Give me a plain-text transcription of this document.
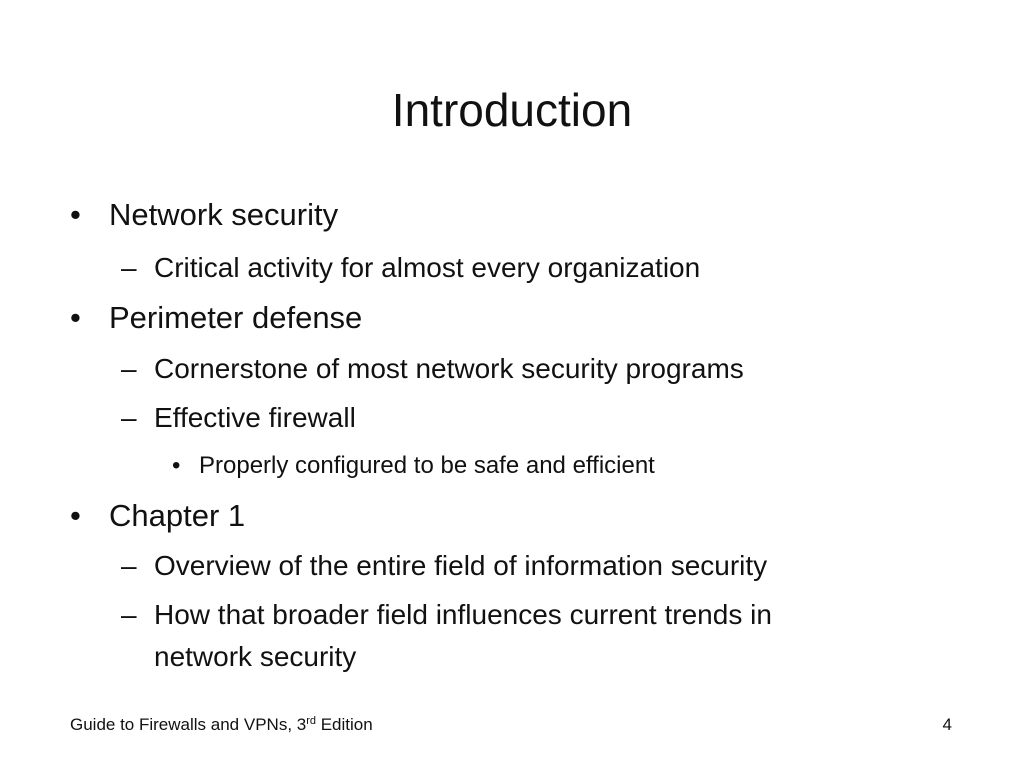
Introduction
• Network security
– Critical activity for almost every organization
• Perimeter defense
– Cornerstone of most network security programs
– Effective firewall
• Properly configured to be safe and efficient
• Chapter 1
– Overview of the entire field of information security
– How that broader field influences current trends in
network security
Guide to Firewalls and VPNs, 3rd Edition	4
